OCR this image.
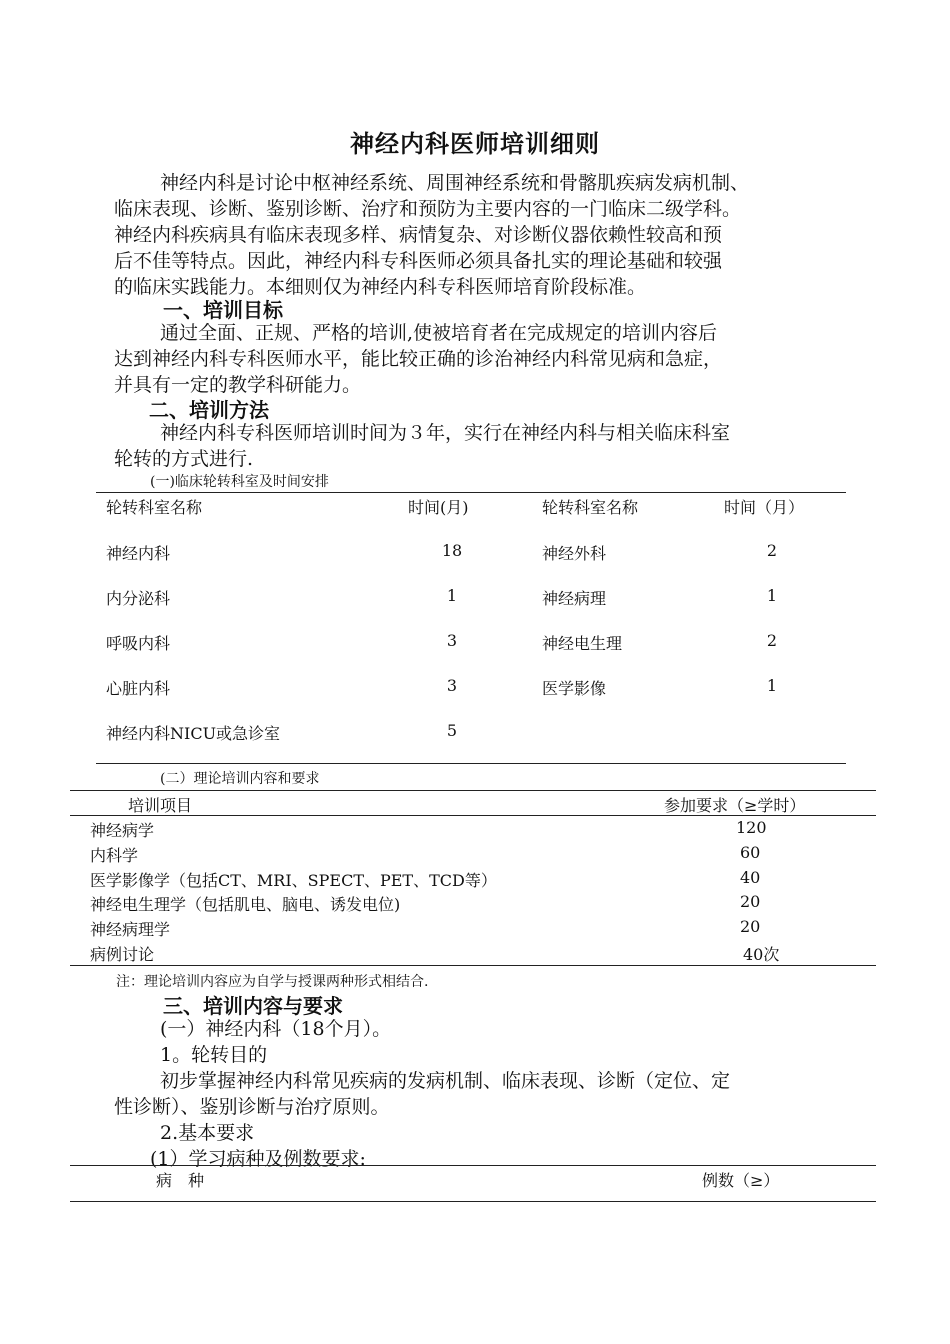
神经内科医师培训细则

神经内科是讨论中枢神经系统、周围神经系统和骨髂肌疾病发病机制、

临床表现、诊断、鉴别诊断、治疗和预防为主要内容的一门临床二级学科。

神经内科疾病具有临床表现多样、病情复杂、对诊断仪器依赖性较高和预

后不佳等特点。因此，神经内科专科医师必须具备扎实的理论基础和较强

的临床实践能力。本细则仅为神经内科专科医师培育阶段标准。

一、培训目标

通过全面、正规、严格的培训,使被培育者在完成规定的培训内容后

达到神经内科专科医师水平，能比较正确的诊治神经内科常见病和急症，

并具有一定的教学科研能力。

二、培训方法

神经内科专科医师培训时间为３年，实行在神经内科与相关临床科室

轮转的方式进行.

(一)临床轮转科室及时间安排
轮转科室名称	时间(月)	轮转科室名称	时间（月）
神经内科	18	神经外科	2
内分泌科	1	神经病理	1
呼吸内科	3	神经电生理	2
心脏内科	3	医学影像	1
神经内科NICU或急诊室	5
(二）理论培训内容和要求
培训项目	参加要求（≥学时）
神经病学	120
内科学	60
医学影像学（包括CT、MRI、SPECT、PET、TCD等）	40
神经电生理学（包括肌电、脑电、诱发电位)	20
神经病理学	20
病例讨论	40次
注：理论培训内容应为自学与授课两种形式相结合.
三、培训内容与要求
(一）神经内科（18个月）。
1。轮转目的
初步掌握神经内科常见疾病的发病机制、临床表现、诊断（定位、定
性诊断）、鉴别诊断与治疗原则。
2.基本要求
(1）学习病种及例数要求:
病　种	例数（≥）
